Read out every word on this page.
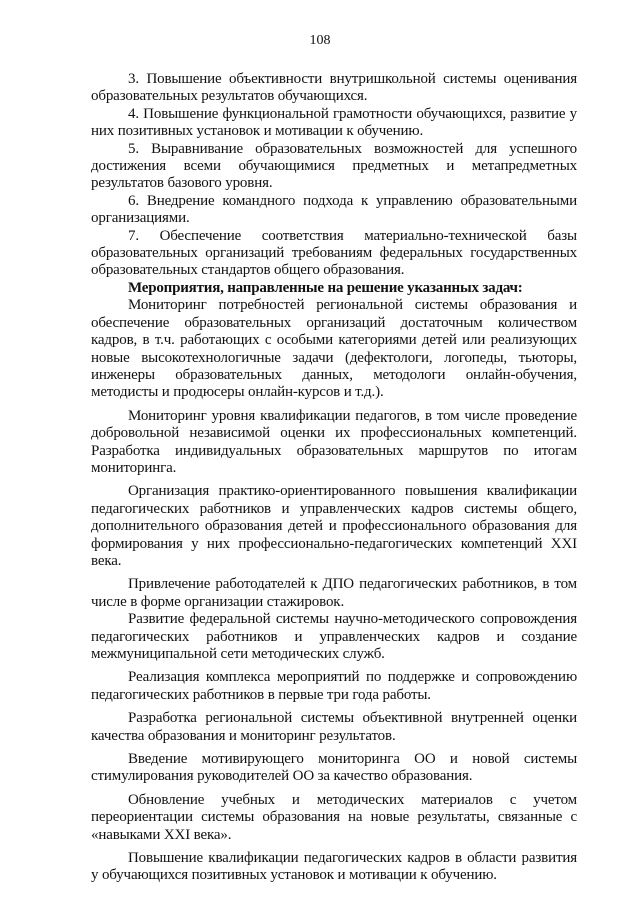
108

3. Повышение объективности внутришкольной системы оценивания образовательных результатов обучающихся.

4. Повышение функциональной грамотности обучающихся, развитие у них позитивных установок и мотивации к обучению.

5. Выравнивание образовательных возможностей для успешного достижения всеми обучающимися предметных и метапредметных результатов базового уровня.

6. Внедрение командного подхода к управлению образовательными организациями.

7. Обеспечение соответствия материально-технической базы образовательных организаций требованиям федеральных государственных образовательных стандартов общего образования.

Мероприятия, направленные на решение указанных задач:

Мониторинг потребностей региональной системы образования и обеспечение образовательных организаций достаточным количеством кадров, в т.ч. работающих с особыми категориями детей или реализующих новые высокотехнологичные задачи (дефектологи, логопеды, тьюторы, инженеры образовательных данных, методологи онлайн-обучения, методисты и продюсеры онлайн-курсов и т.д.).

Мониторинг уровня квалификации педагогов, в том числе проведение добровольной независимой оценки их профессиональных компетенций. Разработка индивидуальных образовательных маршрутов по итогам мониторинга.

Организация практико-ориентированного повышения квалификации педагогических работников и управленческих кадров системы общего, дополнительного образования детей и профессионального образования для формирования у них профессионально-педагогических компетенций XXI века.

Привлечение работодателей к ДПО педагогических работников, в том числе в форме организации стажировок.

Развитие федеральной системы научно-методического сопровождения педагогических работников и управленческих кадров и создание межмуниципальной сети методических служб.

Реализация комплекса мероприятий по поддержке и сопровождению педагогических работников в первые три года работы.

Разработка региональной системы объективной внутренней оценки качества образования и мониторинг результатов.

Введение мотивирующего мониторинга ОО и новой системы стимулирования руководителей ОО за качество образования.

Обновление учебных и методических материалов с учетом переориентации системы образования на новые результаты, связанные с «навыками XXI века».

Повышение квалификации педагогических кадров в области развития у обучающихся позитивных установок и мотивации к обучению.
